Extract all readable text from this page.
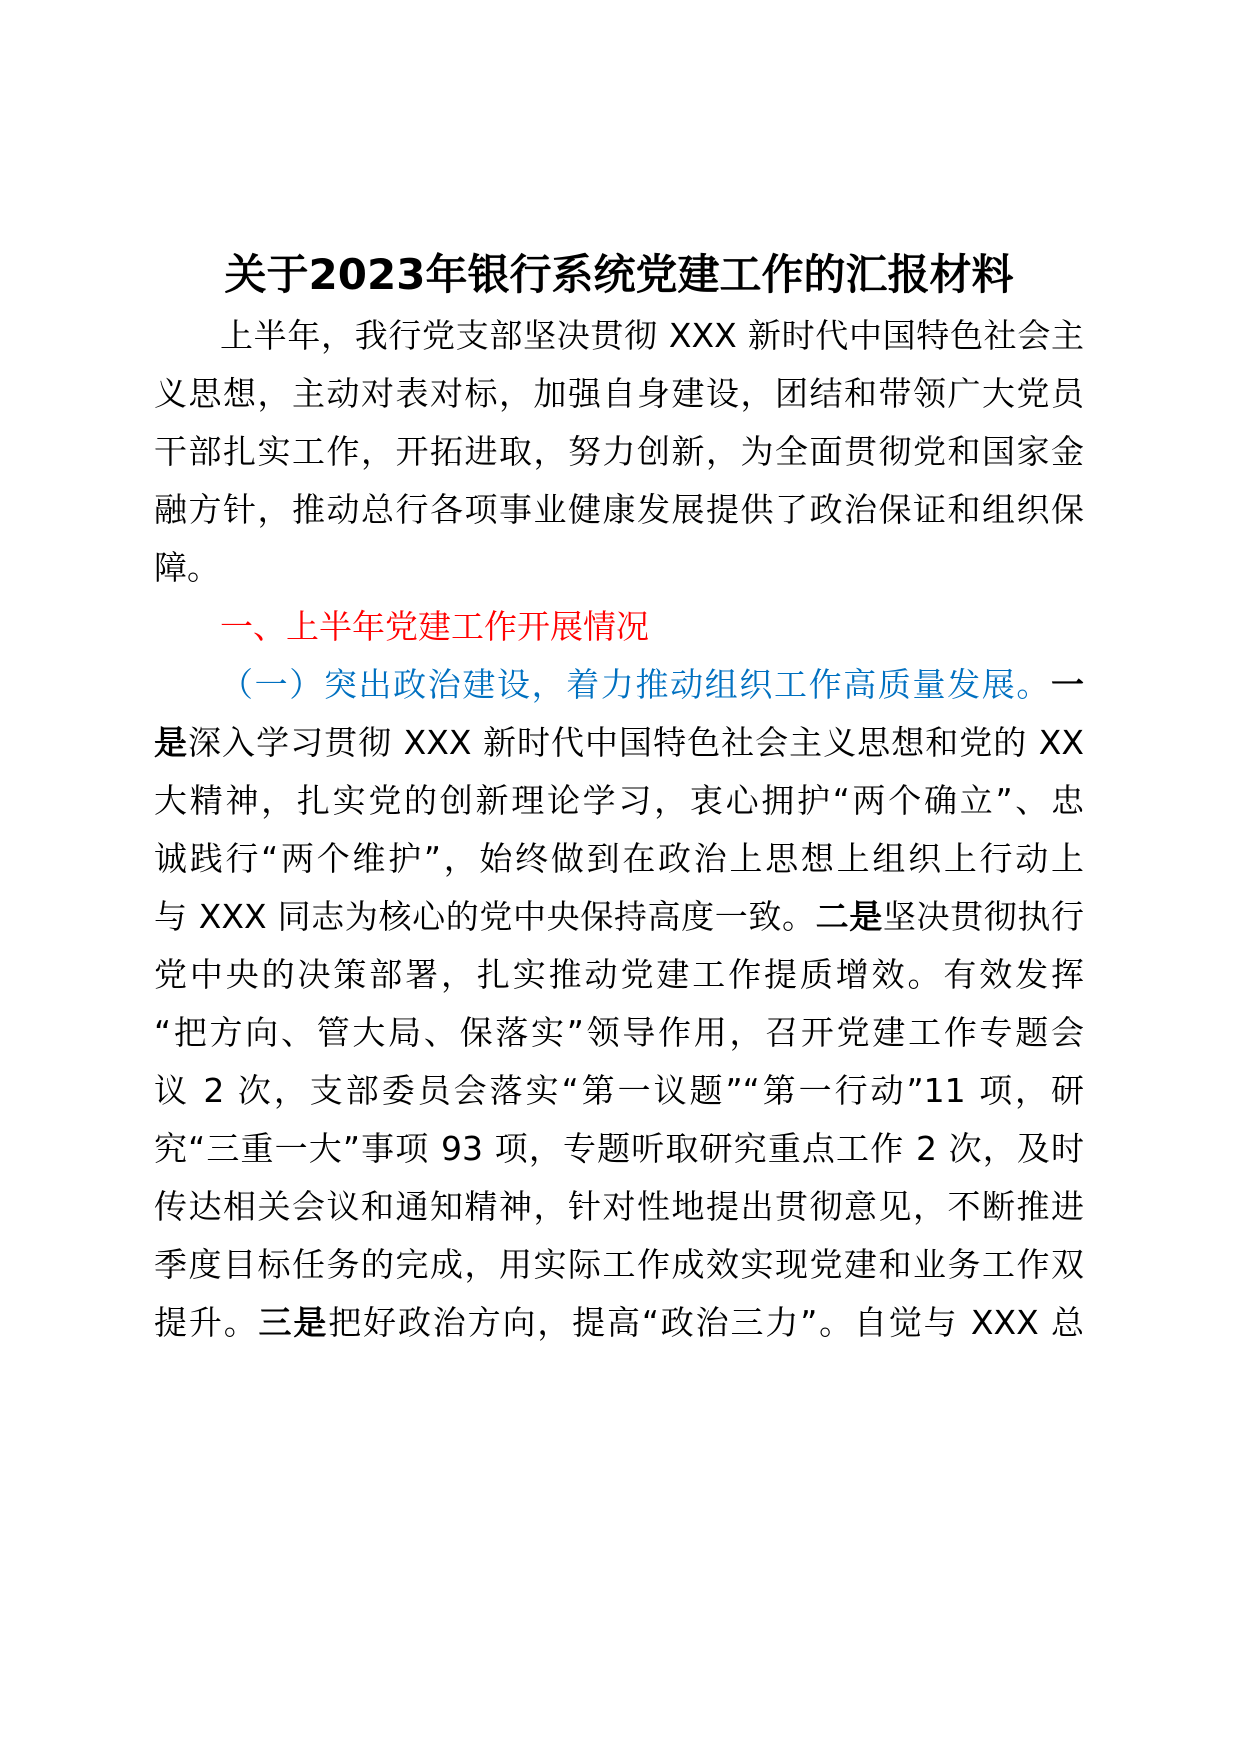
关于2023年银行系统党建工作的汇报材料
上半年，我行党支部坚决贯彻 XXX 新时代中国特色社会主
义思想，主动对表对标，加强自身建设，团结和带领广大党员
干部扎实工作，开拓进取，努力创新，为全面贯彻党和国家金
融方针，推动总行各项事业健康发展提供了政治保证和组织保
障。
一、上半年党建工作开展情况
（一）突出政治建设，着力推动组织工作高质量发展。一
是深入学习贯彻 XXX 新时代中国特色社会主义思想和党的 XX
大精神，扎实党的创新理论学习，衷心拥护“两个确立”、忠
诚践行“两个维护”，始终做到在政治上思想上组织上行动上
与 XXX 同志为核心的党中央保持高度一致。二是坚决贯彻执行
党中央的决策部署，扎实推动党建工作提质增效。有效发挥
“把方向、管大局、保落实”领导作用，召开党建工作专题会
议 2 次，支部委员会落实“第一议题”“第一行动”11 项，研
究“三重一大”事项 93 项，专题听取研究重点工作 2 次，及时
传达相关会议和通知精神，针对性地提出贯彻意见，不断推进
季度目标任务的完成，用实际工作成效实现党建和业务工作双
提升。三是把好政治方向，提高“政治三力”。自觉与 XXX 总
